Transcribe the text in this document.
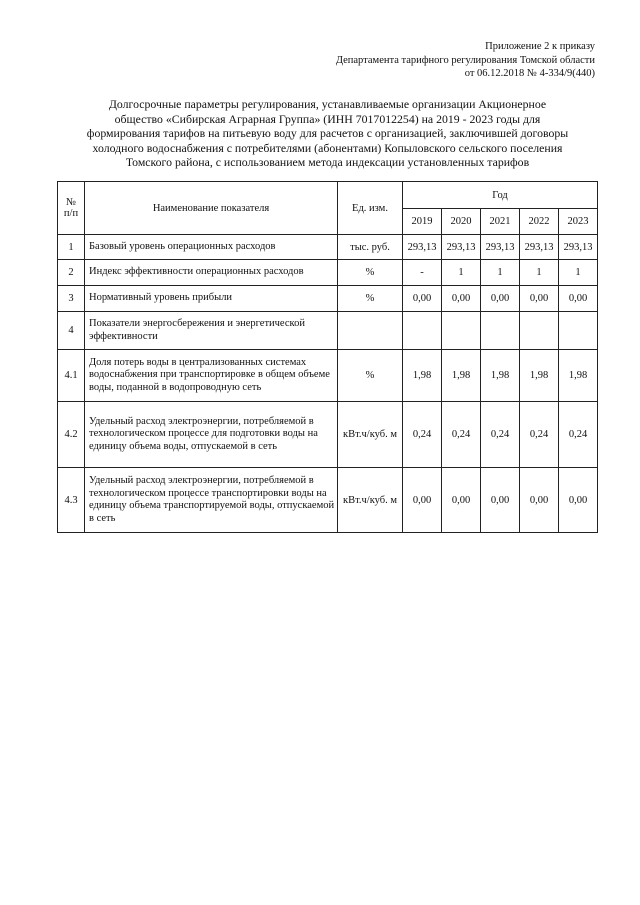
Приложение 2 к приказу
Департамента тарифного регулирования Томской области
от 06.12.2018 № 4-334/9(440)
Долгосрочные параметры регулирования, устанавливаемые организации Акционерное
общество «Сибирская Аграрная Группа» (ИНН 7017012254) на 2019 - 2023 годы для
формирования тарифов на питьевую воду для расчетов с организацией, заключившей договоры
холодного водоснабжения с потребителями (абонентами) Копыловского сельского поселения
Томского района, с использованием метода индексации установленных тарифов
№
п/п	Наименование показателя	Ед. изм.	Год				
			2019	2020	2021	2022	2023
1	Базовый уровень операционных расходов	тыс. руб.	293,13	293,13	293,13	293,13	293,13
2	Индекс эффективности операционных расходов	%	-	1	1	1	1
3	Нормативный уровень прибыли	%	0,00	0,00	0,00	0,00	0,00
4	Показатели энергосбережения и энергетической эффективности						
4.1	Доля потерь воды в централизованных системах водоснабжения при транспортировке в общем объеме воды, поданной в водопроводную сеть	%	1,98	1,98	1,98	1,98	1,98
4.2	Удельный расход электроэнергии, потребляемой в технологическом процессе для подготовки воды на единицу объема воды, отпускаемой в сеть	кВт.ч/куб. м	0,24	0,24	0,24	0,24	0,24
4.3	Удельный расход электроэнергии, потребляемой в технологическом процессе транспортировки воды на единицу объема транспортируемой воды, отпускаемой в сеть	кВт.ч/куб. м	0,00	0,00	0,00	0,00	0,00
